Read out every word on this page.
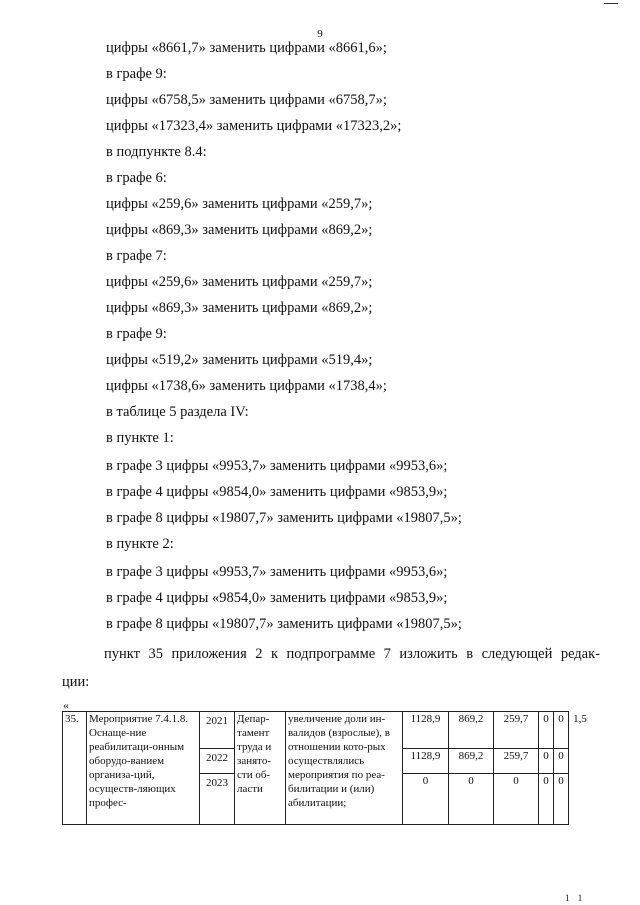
9
цифры «8661,7» заменить цифрами «8661,6»;
в графе 9:
цифры «6758,5» заменить цифрами «6758,7»;
цифры «17323,4» заменить цифрами «17323,2»;
в подпункте 8.4:
в графе 6:
цифры «259,6» заменить цифрами «259,7»;
цифры «869,3» заменить цифрами «869,2»;
в графе 7:
цифры «259,6» заменить цифрами «259,7»;
цифры «869,3» заменить цифрами «869,2»;
в графе 9:
цифры «519,2» заменить цифрами «519,4»;
цифры «1738,6» заменить цифрами «1738,4»;
в таблице 5 раздела IV:
в пункте 1:
в графе 3 цифры «9953,7» заменить цифрами «9953,6»;
в графе 4 цифры «9854,0» заменить цифрами «9853,9»;
в графе 8 цифры «19807,7» заменить цифрами «19807,5»;
в пункте 2:
в графе 3 цифры «9953,7» заменить цифрами «9953,6»;
в графе 4 цифры «9854,0» заменить цифрами «9853,9»;
в графе 8 цифры «19807,7» заменить цифрами «19807,5»;
пункт 35 приложения 2 к подпрограмме 7 изложить в следующей редак-
ции:
«
35.	Мероприятие 7.4.1.8. Оснаще-ние реабилитаци-онным оборудо-ванием организа-ций, осуществ-ляющих профес-	2021	Депар-тамент труда и занято-сти об-ласти	увеличение доли ин-валидов (взрослые), в отношении кото-рых осуществлялись мероприятия по реа-билитации и (или) абилитации;	1128,9	869,2	259,7	0	0	1,5
		2022			1128,9	869,2	259,7	0	0	
		2023			0	0	0	0	0	
1 1
